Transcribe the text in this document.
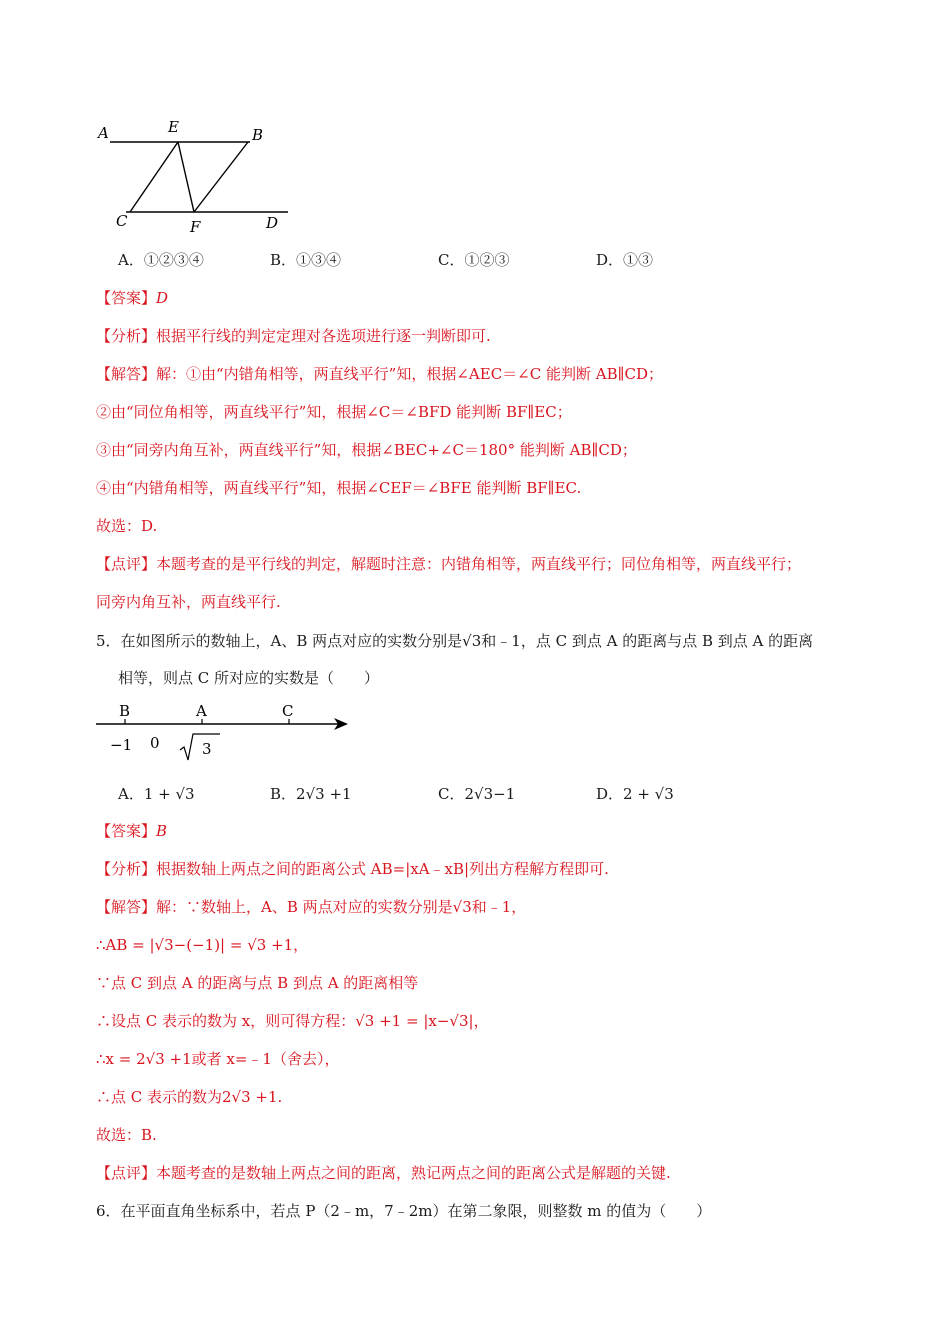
A	E	B
C	F	D
A．①②③④	B．①③④	C．①②③	D．①③
【答案】D
【分析】根据平行线的判定定理对各选项进行逐一判断即可.
【解答】解：①由“内错角相等，两直线平行”知，根据∠AEC＝∠C 能判断 AB∥CD；
②由“同位角相等，两直线平行”知，根据∠C＝∠BFD 能判断 BF∥EC；
③由“同旁内角互补，两直线平行”知，根据∠BEC+∠C＝180° 能判断 AB∥CD；
④由“内错角相等，两直线平行”知，根据∠CEF＝∠BFE 能判断 BF∥EC.
故选：D.
【点评】本题考查的是平行线的判定，解题时注意：内错角相等，两直线平行；同位角相等，两直线平行；
同旁内角互补，两直线平行.
5．在如图所示的数轴上，A、B 两点对应的实数分别是√3和﹣1，点 C 到点 A 的距离与点 B 到点 A 的距离
相等，则点 C 所对应的实数是（　　）
B	A	C
−1 0	3
A．1 + √3	B．2√3 +1	C．2√3−1	D．2 + √3
【答案】B
【分析】根据数轴上两点之间的距离公式 AB=|xA﹣xB|列出方程解方程即可.
【解答】解：∵数轴上，A、B 两点对应的实数分别是√3和﹣1，
∴AB = |√3−(−1)| = √3 +1，
∵点 C 到点 A 的距离与点 B 到点 A 的距离相等
∴设点 C 表示的数为 x，则可得方程：√3 +1 = |x−√3|，
∴x = 2√3 +1或者 x=﹣1（舍去），
∴点 C 表示的数为2√3 +1.
故选：B.
【点评】本题考查的是数轴上两点之间的距离，熟记两点之间的距离公式是解题的关键.
6．在平面直角坐标系中，若点 P（2﹣m，7﹣2m）在第二象限，则整数 m 的值为（　　）
